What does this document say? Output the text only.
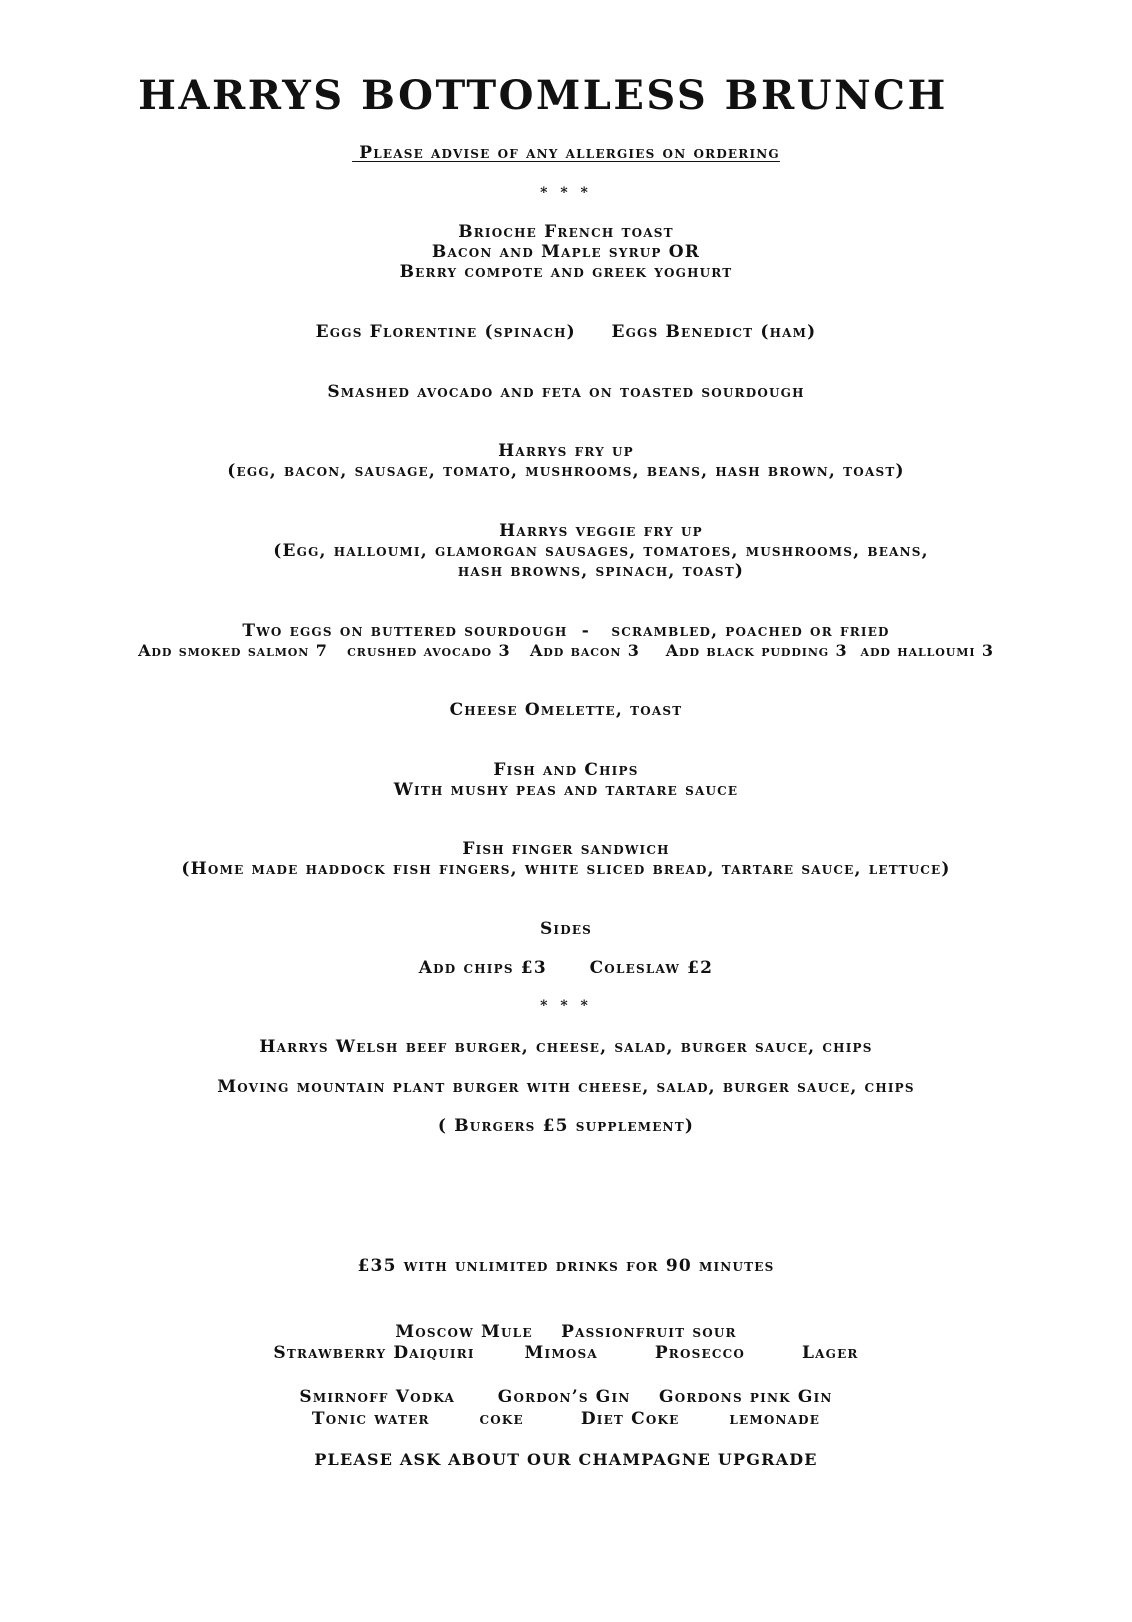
HARRYS BOTTOMLESS BRUNCH
Please advise of any allergies on ordering
* * *
Brioche French toast
Bacon and Maple syrup OR
Berry compote and greek yoghurt
Eggs Florentine (spinach)     Eggs Benedict (ham)
Smashed avocado and feta on toasted sourdough
Harrys fry up
(egg, bacon, sausage, tomato, mushrooms, beans, hash brown, toast)
Harrys veggie fry up
(Egg, halloumi, glamorgan sausages, tomatoes, mushrooms, beans,
hash browns, spinach, toast)
Two eggs on buttered sourdough  -   scrambled, poached or fried
Add smoked salmon 7   crushed avocado 3   Add bacon 3    Add black pudding 3  add halloumi 3
Cheese Omelette, toast
Fish and Chips
With mushy peas and tartare sauce
Fish finger sandwich
(Home made haddock fish fingers, white sliced bread, tartare sauce, lettuce)
Sides
Add chips £3      Coleslaw £2
* * *
Harrys Welsh beef burger, cheese, salad, burger sauce, chips
Moving mountain plant burger with cheese, salad, burger sauce, chips
( Burgers £5 supplement)
£35 with unlimited drinks for 90 minutes
Moscow Mule    Passionfruit sour
Strawberry Daiquiri       Mimosa        Prosecco        Lager
Smirnoff Vodka      Gordon’s Gin    Gordons pink Gin
Tonic water       coke        Diet Coke       lemonade
PLEASE ASK ABOUT OUR CHAMPAGNE UPGRADE
